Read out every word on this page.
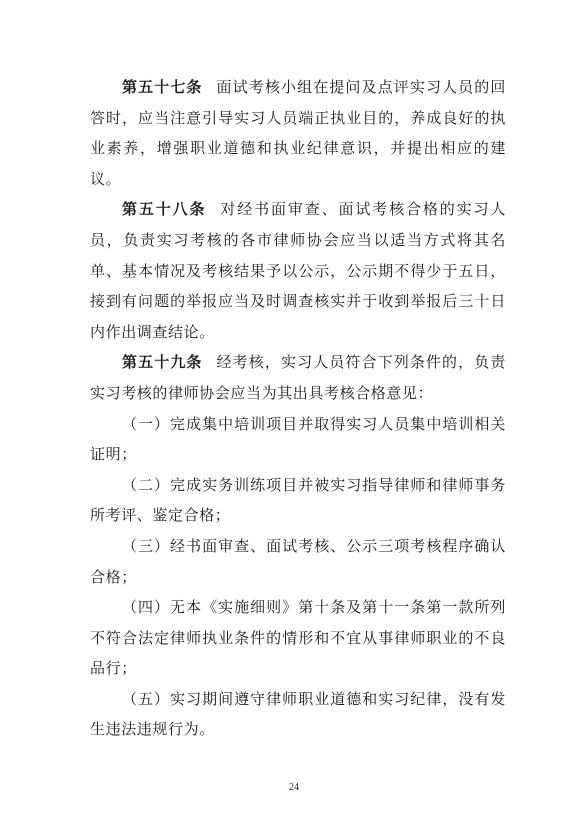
第五十七条 面试考核小组在提问及点评实习人员的回答时，应当注意引导实习人员端正执业目的，养成良好的执业素养，增强职业道德和执业纪律意识，并提出相应的建议。

第五十八条 对经书面审查、面试考核合格的实习人员，负责实习考核的各市律师协会应当以适当方式将其名单、基本情况及考核结果予以公示，公示期不得少于五日，接到有问题的举报应当及时调查核实并于收到举报后三十日内作出调查结论。

第五十九条 经考核，实习人员符合下列条件的，负责实习考核的律师协会应当为其出具考核合格意见：

（一）完成集中培训项目并取得实习人员集中培训相关证明；

（二）完成实务训练项目并被实习指导律师和律师事务所考评、鉴定合格；

（三）经书面审查、面试考核、公示三项考核程序确认合格；

（四）无本《实施细则》第十条及第十一条第一款所列不符合法定律师执业条件的情形和不宜从事律师职业的不良品行；

（五）实习期间遵守律师职业道德和实习纪律，没有发生违法违规行为。

24
